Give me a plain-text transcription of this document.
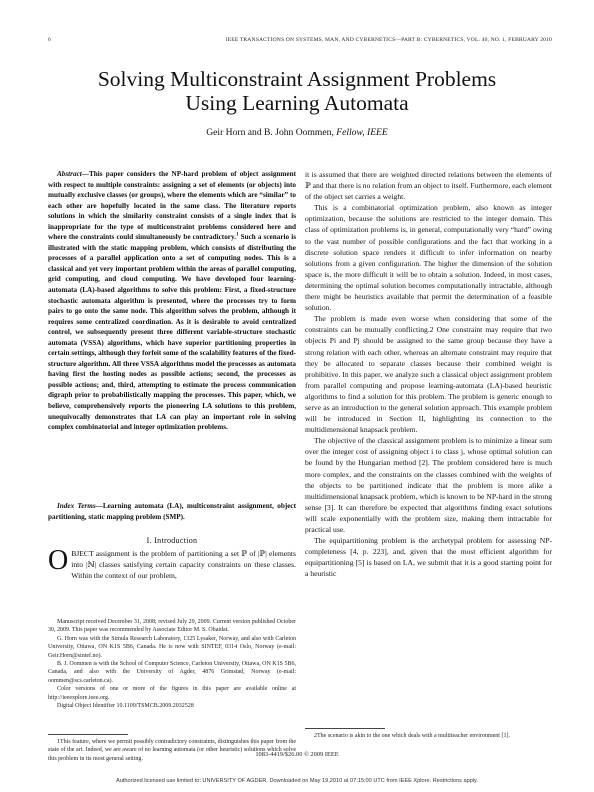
6	IEEE TRANSACTIONS ON SYSTEMS, MAN, AND CYBERNETICS—PART B: CYBERNETICS, VOL. 40, NO. 1, FEBRUARY 2010
Solving Multiconstraint Assignment Problems
Using Learning Automata
Geir Horn and B. John Oommen, Fellow, IEEE
Abstract—This paper considers the NP-hard problem of object assignment with respect to multiple constraints: assigning a set of elements (or objects) into mutually exclusive classes (or groups), where the elements which are “similar” to each other are hopefully located in the same class. The literature reports solutions in which the similarity constraint consists of a single index that is inappropriate for the type of multiconstraint problems considered here and where the constraints could simultaneously be contradictory.$^1$ Such a scenario is illustrated with the static mapping problem, which consists of distributing the processes of a parallel application onto a set of computing nodes. This is a classical and yet very important problem within the areas of parallel computing, grid computing, and cloud computing. We have developed four learning-automata (LA)-based algorithms to solve this problem: First, a fixed-structure stochastic automata algorithm is presented, where the processes try to form pairs to go onto the same node. This algorithm solves the problem, although it requires some centralized coordination. As it is desirable to avoid centralized control, we subsequently present three different variable-structure stochastic automata (VSSA) algorithms, which have superior partitioning properties in certain settings, although they forfeit some of the scalability features of the fixed-structure algorithm. All three VSSA algorithms model the processes as automata having first the hosting nodes as possible actions; second, the processes as possible actions; and, third, attempting to estimate the process communication digraph prior to probabilistically mapping the processes. This paper, which, we believe, comprehensively reports the pioneering LA solutions to this problem, unequivocally demonstrates that LA can play an important role in solving complex combinatorial and integer optimization problems.
Index Terms—Learning automata (LA), multiconstraint assignment, object partitioning, static mapping problem (SMP).
I. Introduction
OBJECT assignment is the problem of partitioning a set ℙ of |ℙ| elements into |ℕ| classes satisfying certain capacity constraints on these classes. Within the context of our problem,

Manuscript received December 31, 2008; revised July 29, 2009. Current version published October 30, 2009. This paper was recommended by Associate Editor M. S. Obaidat.

G. Horn was with the Simula Research Laboratory, 1325 Lysaker, Norway, and also with Carleton University, Ottawa, ON K1S 5B6, Canada. He is now with SINTEF, 0314 Oslo, Norway (e-mail: Geir.Horn@sintef.no).

B. J. Oommen is with the School of Computer Science, Carleton University, Ottawa, ON K1S 5B6, Canada, and also with the University of Agder, 4876 Grimstad, Norway (e-mail: oommen@scs.carleton.ca).

Color versions of one or more of the figures in this paper are available online at http://ieeexplore.ieee.org.

Digital Object Identifier 10.1109/TSMCB.2009.2032528

1This feature, where we permit possibly contradictory constraints, distinguishes this paper from the state of the art. Indeed, we are aware of no learning automata (or other heuristic) solutions which solve this problem in its most general setting.

it is assumed that there are weighted directed relations between the elements of ℙ and that there is no relation from an object to itself. Furthermore, each element of the object set carries a weight.

This is a combinatorial optimization problem, also known as integer optimization, because the solutions are restricted to the integer domain. This class of optimization problems is, in general, computationally very “hard” owing to the vast number of possible configurations and the fact that working in a discrete solution space renders it difficult to infer information on nearby solutions from a given configuration. The higher the dimension of the solution space is, the more difficult it will be to obtain a solution. Indeed, in most cases, determining the optimal solution becomes computationally intractable, although there might be heuristics available that permit the determination of a feasible solution.

The problem is made even worse when considering that some of the constraints can be mutually conflicting.2 One constraint may require that two objects Pi and Pj should be assigned to the same group because they have a strong relation with each other, whereas an alternate constraint may require that they be allocated to separate classes because their combined weight is prohibitive. In this paper, we analyze such a classical object assignment problem from parallel computing and propose learning-automata (LA)-based heuristic algorithms to find a solution for this problem. The problem is generic enough to serve as an introduction to the general solution approach. This example problem will be introduced in Section II, highlighting its connection to the multidimensional knapsack problem.

The objective of the classical assignment problem is to minimize a linear sum over the integer cost of assigning object i to class j, whose optimal solution can be found by the Hungarian method [2]. The problem considered here is much more complex, and the constraints on the classes combined with the weights of the objects to be partitioned indicate that the problem is more alike a multidimensional knapsack problem, which is known to be NP-hard in the strong sense [3]. It can therefore be expected that algorithms finding exact solutions will scale exponentially with the problem size, making them intractable for practical use.

The equipartitioning problem is the archetypal problem for assessing NP-completeness [4, p. 223], and, given that the most efficient algorithm for equipartitioning [5] is based on LA, we submit that it is a good starting point for a heuristic

2The scenario is akin to the one which deals with a multiteacher environment [1].

1083-4419/$26.00 © 2009 IEEE
Authorized licensed use limited to: UNIVERSITY OF AGDER. Downloaded on May 19,2010 at 07:15:00 UTC from IEEE Xplore. Restrictions apply.
